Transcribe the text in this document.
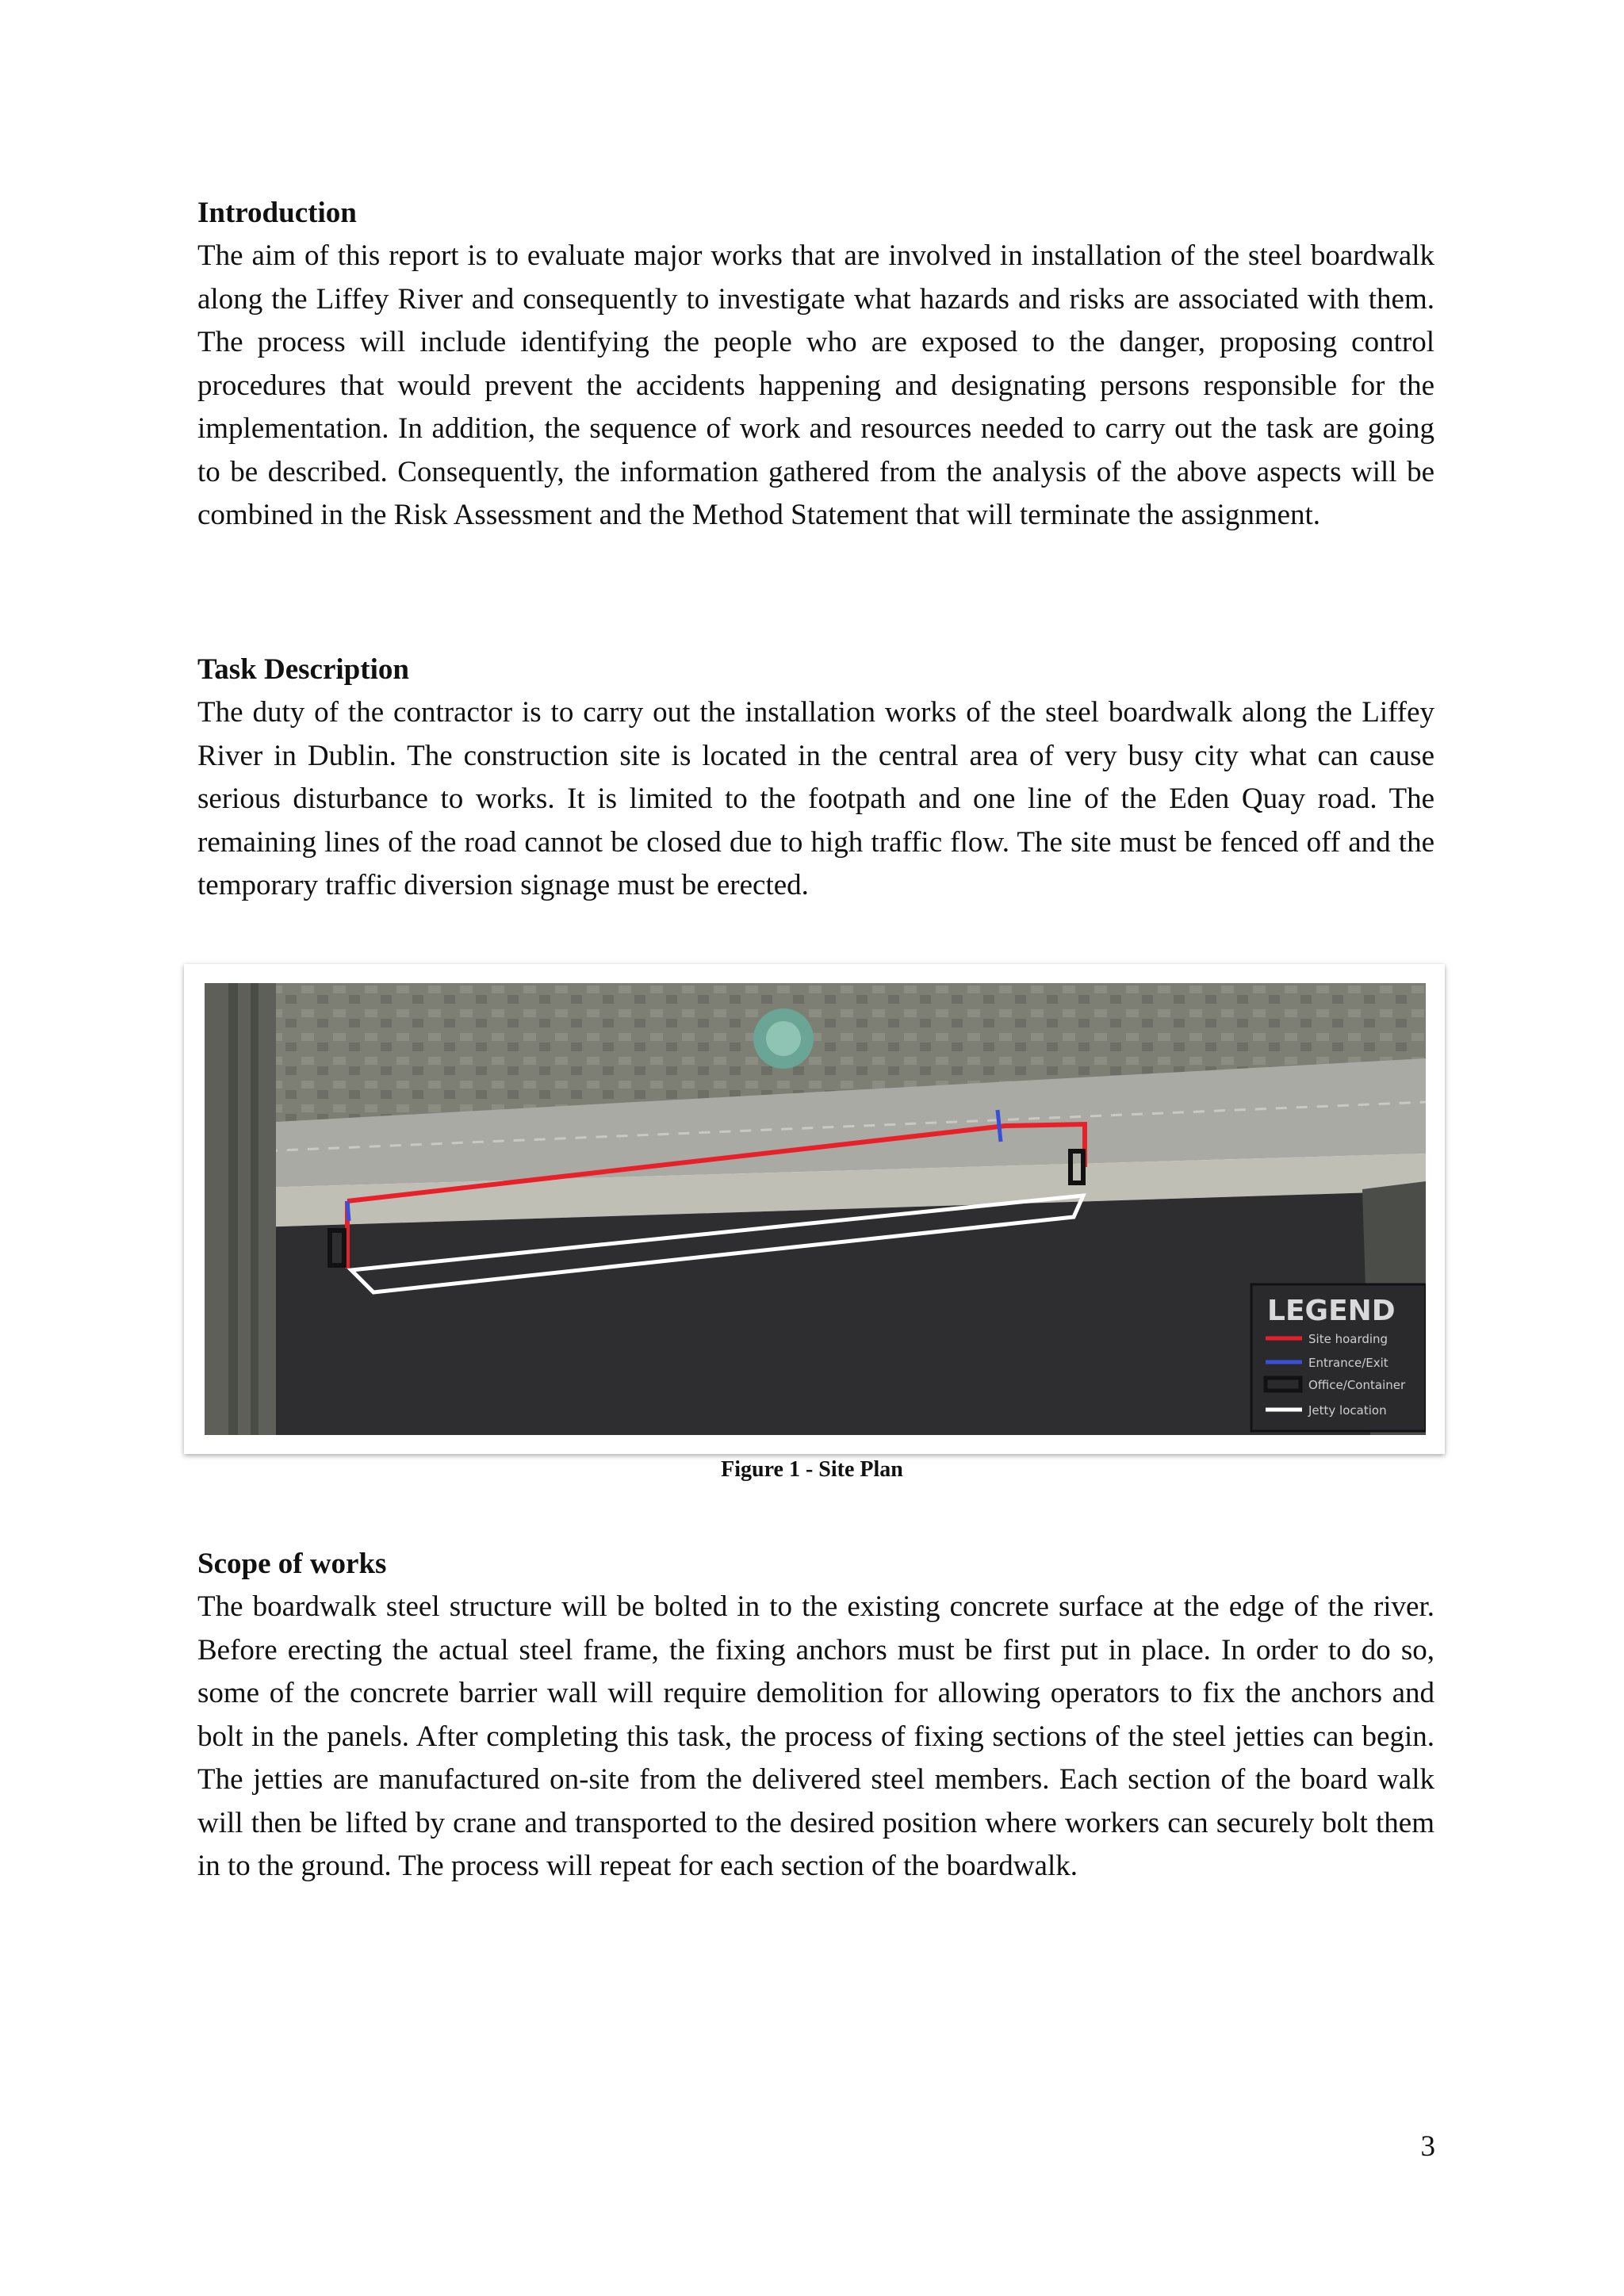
Introduction

The aim of this report is to evaluate major works that are involved in installation of the steel boardwalk along the Liffey River and consequently to investigate what hazards and risks are associated with them. The process will include identifying the people who are exposed to the danger, proposing control procedures that would prevent the accidents happening and designating persons responsible for the implementation. In addition, the sequence of work and resources needed to carry out the task are going to be described. Consequently, the information gathered from the analysis of the above aspects will be combined in the Risk Assessment and the Method Statement that will terminate the assignment.

Task Description

The duty of the contractor is to carry out the installation works of the steel boardwalk along the Liffey River in Dublin. The construction site is located in the central area of very busy city what can cause serious disturbance to works. It is limited to the footpath and one line of the Eden Quay road. The remaining lines of the road cannot be closed due to high traffic flow. The site must be fenced off and the temporary traffic diversion signage must be erected.

LEGEND
Site hoarding
Entrance/Exit
Office/Container
Jetty location
Figure 1 - Site Plan

Scope of works

The boardwalk steel structure will be bolted in to the existing concrete surface at the edge of the river. Before erecting the actual steel frame, the fixing anchors must be first put in place. In order to do so, some of the concrete barrier wall will require demolition for allowing operators to fix the anchors and bolt in the panels. After completing this task, the process of fixing sections of the steel jetties can begin. The jetties are manufactured on-site from the delivered steel members. Each section of the board walk will then be lifted by crane and transported to the desired position where workers can securely bolt them in to the ground. The process will repeat for each section of the boardwalk.

3
